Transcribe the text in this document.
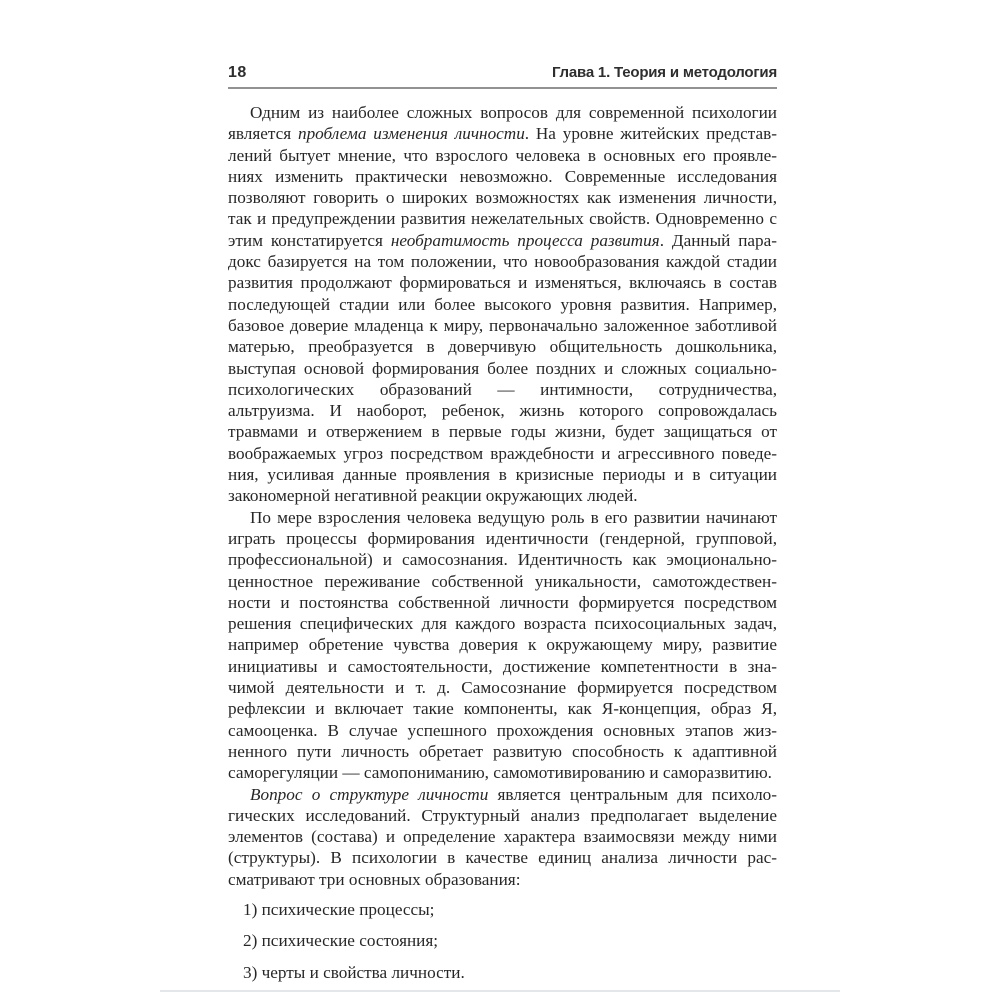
18	Глава 1. Теория и методология

Одним из наиболее сложных вопросов для современной психологии является проблема изменения личности. На уровне житейских представлений бытует мнение, что взрослого человека в основных его проявлениях изменить практически невозможно. Современные исследования позволяют говорить о широких возможностях как изменения личности, так и предупреждении развития нежелательных свойств. Одновременно с этим констатируется необратимость процесса развития. Данный парадокс базируется на том положении, что новообразования каждой стадии развития продолжают формироваться и изменяться, включаясь в состав последующей стадии или более высокого уровня развития. Например, базовое доверие младенца к миру, первоначально заложенное заботливой матерью, преобразуется в доверчивую общительность дошкольника, выступая основой формирования более поздних и сложных социально-психологических образований — интимности, сотрудничества, альтруизма. И наоборот, ребенок, жизнь которого сопровождалась травмами и отвержением в первые годы жизни, будет защищаться от воображаемых угроз посредством враждебности и агрессивного поведения, усиливая данные проявления в кризисные периоды и в ситуации закономерной негативной реакции окружающих людей.

По мере взросления человека ведущую роль в его развитии начинают играть процессы формирования идентичности (гендерной, групповой, профессиональной) и самосознания. Идентичность как эмоционально-ценностное переживание собственной уникальности, самотождественности и постоянства собственной личности формируется посредством решения специфических для каждого возраста психосоциальных задач, например обретение чувства доверия к окружающему миру, развитие инициативы и самостоятельности, достижение компетентности в значимой деятельности и т. д. Самосознание формируется посредством рефлексии и включает такие компоненты, как Я-концепция, образ Я, самооценка. В случае успешного прохождения основных этапов жизненного пути личность обретает развитую способность к адаптивной саморегуляции — самопониманию, самомотивированию и саморазвитию.

Вопрос о структуре личности является центральным для психологических исследований. Структурный анализ предполагает выделение элементов (состава) и определение характера взаимосвязи между ними (структуры). В психологии в качестве единиц анализа личности рассматривают три основных образования:

1) психические процессы;

2) психические состояния;

3) черты и свойства личности.
